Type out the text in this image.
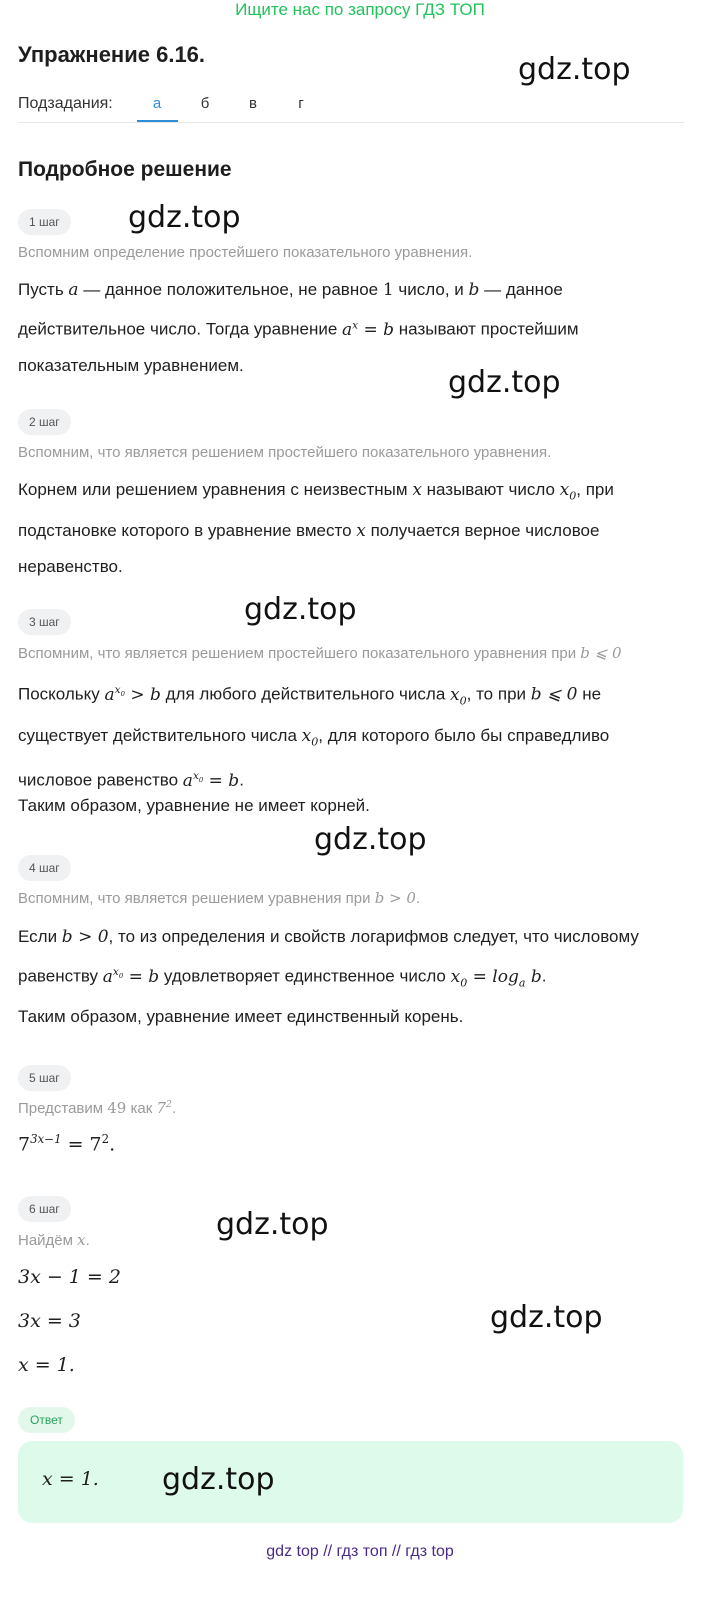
Ищите нас по запросу ГДЗ ТОП
Упражнение 6.16.	gdz.top
Подзадания:	а	б	в	г
Подробное решение
1 шаг	gdz.top
Вспомним определение простейшего показательного уравнения.
Пусть a — данное положительное, не равное 1 число, и b — данное действительное число. Тогда уравнение $a^x = b$ называют простейшим показательным уравнением.	gdz.top
2 шаг
Вспомним, что является решением простейшего показательного уравнения.
Корнем или решением уравнения с неизвестным x называют число $x_0$, при подстановке которого в уравнение вместо x получается верное числовое неравенство.
gdz.top
3 шаг
Вспомним, что является решением простейшего показательного уравнения при b ⩽ 0
Поскольку $a^{x_0} > b$ для любого действительного числа $x_0$, то при b ⩽ 0 не существует действительного числа $x_0$, для которого было бы справедливо числовое равенство $a^{x_0} = b$.
Таким образом, уравнение не имеет корней.
gdz.top
4 шаг
Вспомним, что является решением уравнения при b > 0.
Если b > 0, то из определения и свойств логарифмов следует, что числовому равенству $a^{x_0} = b$ удовлетворяет единственное число $x_0 = \log_a b$.
Таким образом, уравнение имеет единственный корень.
5 шаг
Представим 49 как $7^2$.
$7^{3x-1} = 7^2$.
6 шаг	gdz.top
Найдём x.
3x − 1 = 2
gdz.top
3x = 3
x = 1.
Ответ
x = 1. gdz.top
gdz top // гдз топ // гдз top
